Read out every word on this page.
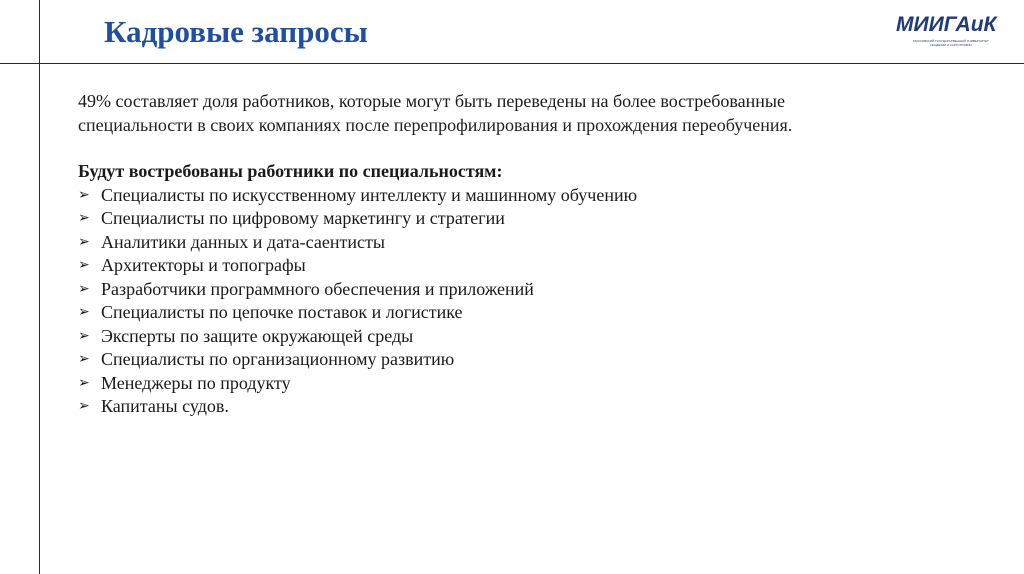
Кадровые запросы	МИИГАиК
МОСКОВСКИЙ ГОСУДАРСТВЕННЫЙ УНИВЕРСИТЕТ
ГЕОДЕЗИИ И КАРТОГРАФИИ

49% составляет доля работников, которые могут быть переведены на более востребованные
специальности в своих компаниях после перепрофилирования и прохождения переобучения.

Будут востребованы работники по специальностям:
➢ Специалисты по искусственному интеллекту и машинному обучению
➢ Специалисты по цифровому маркетингу и стратегии
➢ Аналитики данных и дата-саентисты
➢ Архитекторы и топографы
➢ Разработчики программного обеспечения и приложений
➢ Специалисты по цепочке поставок и логистике
➢ Эксперты по защите окружающей среды
➢ Специалисты по организационному развитию
➢ Менеджеры по продукту
➢ Капитаны судов.
